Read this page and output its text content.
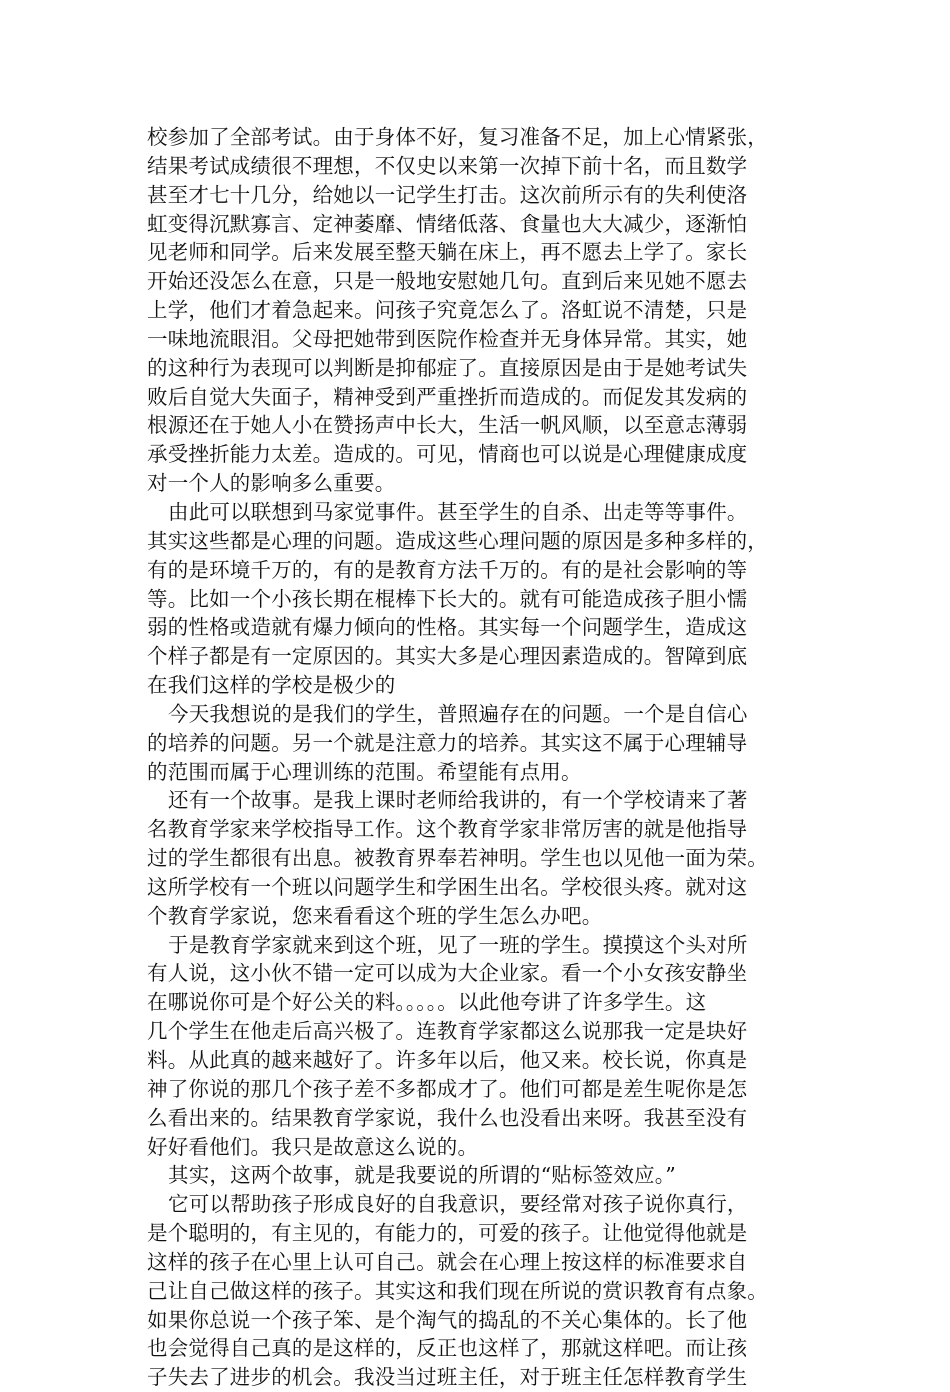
校参加了全部考试。由于身体不好，复习准备不足，加上心情紧张，
结果考试成绩很不理想，不仅史以来第一次掉下前十名，而且数学
甚至才七十几分，给她以一记学生打击。这次前所示有的失利使洛
虹变得沉默寡言、定神萎靡、情绪低落、食量也大大减少，逐渐怕
见老师和同学。后来发展至整天躺在床上，再不愿去上学了。家长
开始还没怎么在意，只是一般地安慰她几句。直到后来见她不愿去
上学，他们才着急起来。问孩子究竟怎么了。洛虹说不清楚，只是
一味地流眼泪。父母把她带到医院作检查并无身体异常。其实，她
的这种行为表现可以判断是抑郁症了。直接原因是由于是她考试失
败后自觉大失面子，精神受到严重挫折而造成的。而促发其发病的
根源还在于她人小在赞扬声中长大，生活一帆风顺，以至意志薄弱
承受挫折能力太差。造成的。可见，情商也可以说是心理健康成度
对一个人的影响多么重要。
由此可以联想到马家觉事件。甚至学生的自杀、出走等等事件。
其实这些都是心理的问题。造成这些心理问题的原因是多种多样的，
有的是环境千万的，有的是教育方法千万的。有的是社会影响的等
等。比如一个小孩长期在棍棒下长大的。就有可能造成孩子胆小懦
弱的性格或造就有爆力倾向的性格。其实每一个问题学生，造成这
个样子都是有一定原因的。其实大多是心理因素造成的。智障到底
在我们这样的学校是极少的
今天我想说的是我们的学生，普照遍存在的问题。一个是自信心
的培养的问题。另一个就是注意力的培养。其实这不属于心理辅导
的范围而属于心理训练的范围。希望能有点用。
还有一个故事。是我上课时老师给我讲的，有一个学校请来了著
名教育学家来学校指导工作。这个教育学家非常厉害的就是他指导
过的学生都很有出息。被教育界奉若神明。学生也以见他一面为荣。
这所学校有一个班以问题学生和学困生出名。学校很头疼。就对这
个教育学家说，您来看看这个班的学生怎么办吧。
于是教育学家就来到这个班，见了一班的学生。摸摸这个头对所
有人说，这小伙不错一定可以成为大企业家。看一个小女孩安静坐
在哪说你可是个好公关的料。。。。。以此他夸讲了许多学生。这
几个学生在他走后高兴极了。连教育学家都这么说那我一定是块好
料。从此真的越来越好了。许多年以后，他又来。校长说，你真是
神了你说的那几个孩子差不多都成才了。他们可都是差生呢你是怎
么看出来的。结果教育学家说，我什么也没看出来呀。我甚至没有
好好看他们。我只是故意这么说的。
其实，这两个故事，就是我要说的所谓的“贴标签效应。”
它可以帮助孩子形成良好的自我意识，要经常对孩子说你真行，
是个聪明的，有主见的，有能力的，可爱的孩子。让他觉得他就是
这样的孩子在心里上认可自己。就会在心理上按这样的标准要求自
己让自己做这样的孩子。其实这和我们现在所说的赏识教育有点象。
如果你总说一个孩子笨、是个淘气的捣乱的不关心集体的。长了他
也会觉得自己真的是这样的，反正也这样了，那就这样吧。而让孩
子失去了进步的机会。我没当过班主任，对于班主任怎样教育学生
